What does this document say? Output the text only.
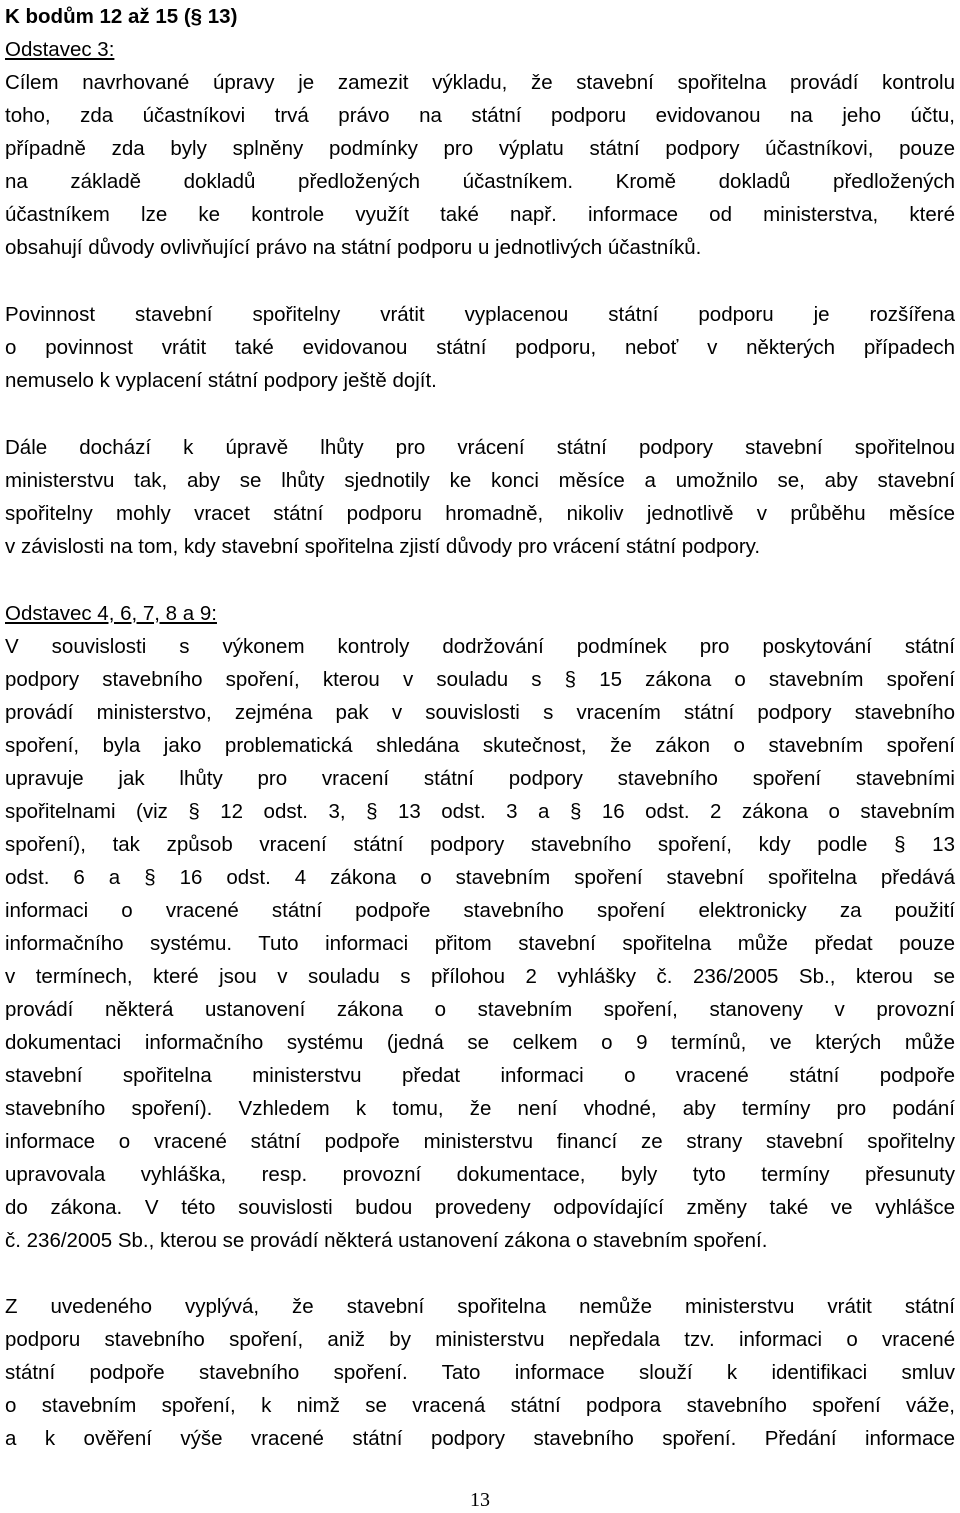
K bodům 12 až 15 (§ 13)
Odstavec 3:
Cílem navrhované úpravy je zamezit výkladu, že stavební spořitelna provádí kontrolu
toho, zda účastníkovi trvá právo na státní podporu evidovanou na jeho účtu,
případně zda byly splněny podmínky pro výplatu státní podpory účastníkovi, pouze
na základě dokladů předložených účastníkem. Kromě dokladů předložených
účastníkem lze ke kontrole využít také např. informace od ministerstva, které
obsahují důvody ovlivňující právo na státní podporu u jednotlivých účastníků.
Povinnost stavební spořitelny vrátit vyplacenou státní podporu je rozšířena
o povinnost vrátit také evidovanou státní podporu, neboť v některých případech
nemuselo k vyplacení státní podpory ještě dojít.
Dále dochází k úpravě lhůty pro vrácení státní podpory stavební spořitelnou
ministerstvu tak, aby se lhůty sjednotily ke konci měsíce a umožnilo se, aby stavební
spořitelny mohly vracet státní podporu hromadně, nikoliv jednotlivě v průběhu měsíce
v závislosti na tom, kdy stavební spořitelna zjistí důvody pro vrácení státní podpory.
Odstavec 4, 6, 7, 8 a 9:
V souvislosti s výkonem kontroly dodržování podmínek pro poskytování státní
podpory stavebního spoření, kterou v souladu s § 15 zákona o stavebním spoření
provádí ministerstvo, zejména pak v souvislosti s vracením státní podpory stavebního
spoření, byla jako problematická shledána skutečnost, že zákon o stavebním spoření
upravuje jak lhůty pro vracení státní podpory stavebního spoření stavebními
spořitelnami (viz § 12 odst. 3, § 13 odst. 3 a § 16 odst. 2 zákona o stavebním
spoření), tak způsob vracení státní podpory stavebního spoření, kdy podle § 13
odst. 6 a § 16 odst. 4 zákona o stavebním spoření stavební spořitelna předává
informaci o vracené státní podpoře stavebního spoření elektronicky za použití
informačního systému. Tuto informaci přitom stavební spořitelna může předat pouze
v termínech, které jsou v souladu s přílohou 2 vyhlášky č. 236/2005 Sb., kterou se
provádí některá ustanovení zákona o stavebním spoření, stanoveny v provozní
dokumentaci informačního systému (jedná se celkem o 9 termínů, ve kterých může
stavební spořitelna ministerstvu předat informaci o vracené státní podpoře
stavebního spoření). Vzhledem k tomu, že není vhodné, aby termíny pro podání
informace o vracené státní podpoře ministerstvu financí ze strany stavební spořitelny
upravovala vyhláška, resp. provozní dokumentace, byly tyto termíny přesunuty
do zákona. V této souvislosti budou provedeny odpovídající změny také ve vyhlášce
č. 236/2005 Sb., kterou se provádí některá ustanovení zákona o stavebním spoření.
Z uvedeného vyplývá, že stavební spořitelna nemůže ministerstvu vrátit státní
podporu stavebního spoření, aniž by ministerstvu nepředala tzv. informaci o vracené
státní podpoře stavebního spoření. Tato informace slouží k identifikaci smluv
o stavebním spoření, k nimž se vracená státní podpora stavebního spoření váže,
a k ověření výše vracené státní podpory stavebního spoření. Předání informace
13
